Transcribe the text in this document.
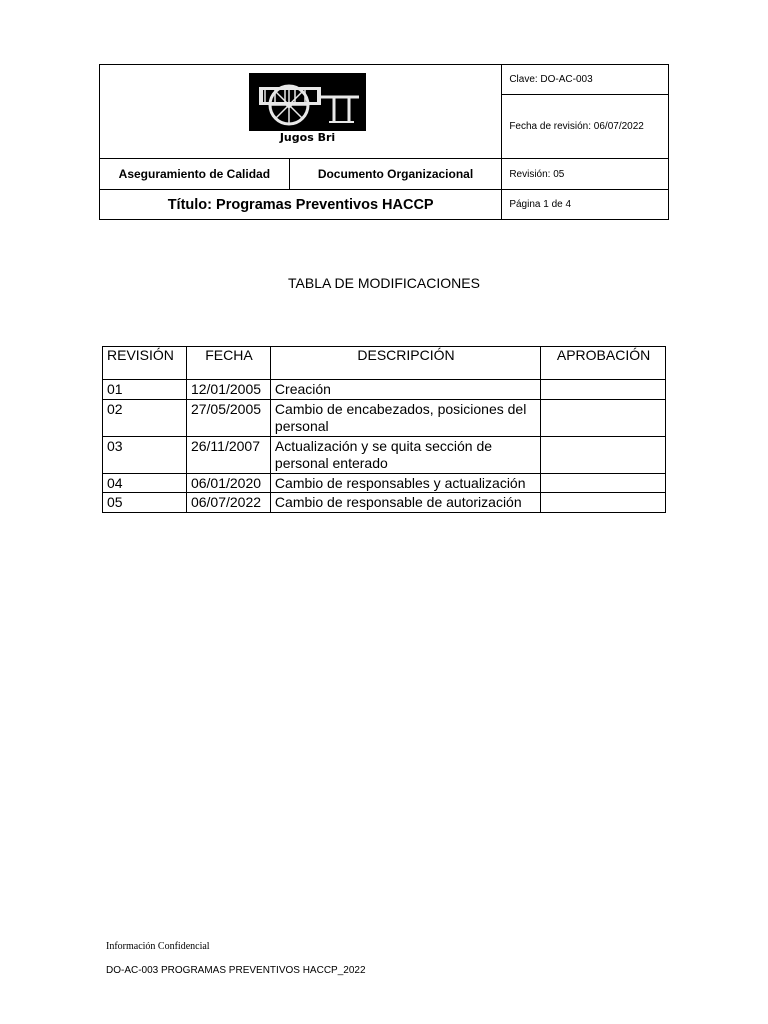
Jugos Bri		Clave: DO-AC-003
		Fecha de revisión: 06/07/2022
Aseguramiento de Calidad	Documento Organizacional	Revisión: 05
Título: Programas Preventivos HACCP		Página 1 de 4
TABLA DE MODIFICACIONES
REVISIÓN	FECHA	DESCRIPCIÓN	APROBACIÓN
01	12/01/2005	Creación	
02	27/05/2005	Cambio de encabezados, posiciones del personal	
03	26/11/2007	Actualización y se quita sección de personal enterado	
04	06/01/2020	Cambio de responsables y actualización	
05	06/07/2022	Cambio de responsable de autorización	
Información Confidencial
DO-AC-003 PROGRAMAS PREVENTIVOS HACCP_2022
